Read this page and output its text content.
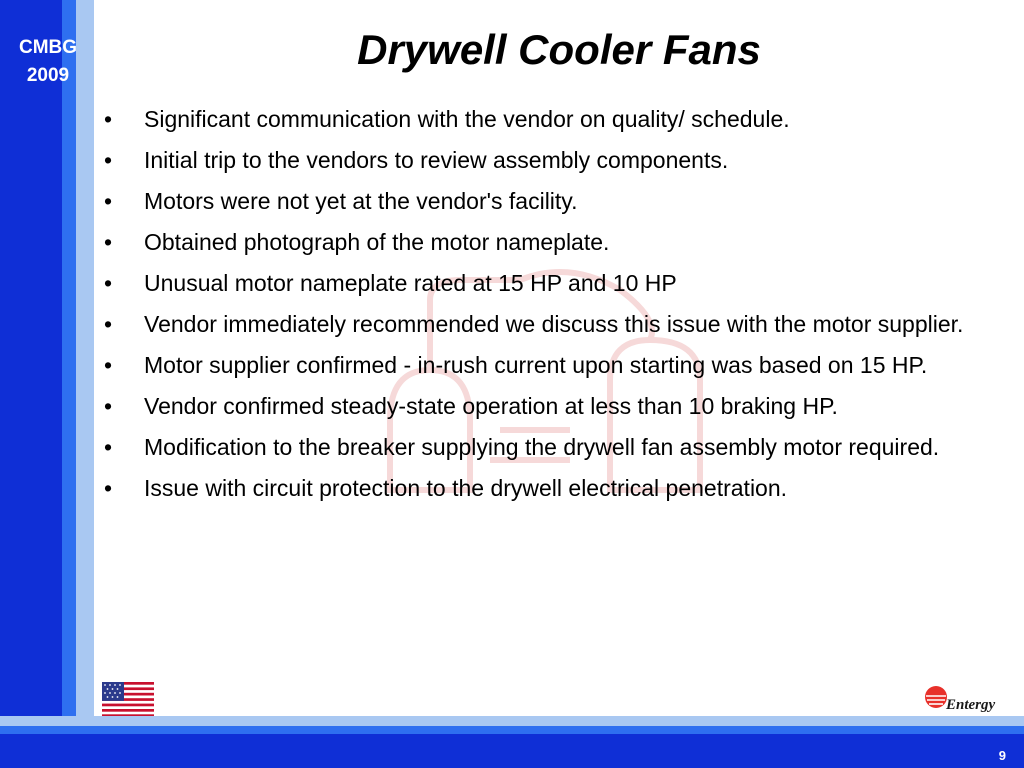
CMBG
2009
Drywell Cooler Fans
•	Significant communication with the vendor on quality/ schedule.
•	Initial trip to the vendors to review assembly components.
•	Motors were not yet at the vendor's facility.
•	Obtained photograph of the motor nameplate.
•	Unusual motor nameplate rated at 15 HP and 10 HP
•	Vendor immediately recommended we discuss this issue with the motor supplier.
•	Motor supplier confirmed - in-rush current upon starting was based on 15 HP.
•	Vendor confirmed steady-state operation at less than 10 braking HP.
•	Modification to the breaker supplying the drywell fan assembly motor required.
•	Issue with circuit protection to the drywell electrical penetration.
Entergy
9
